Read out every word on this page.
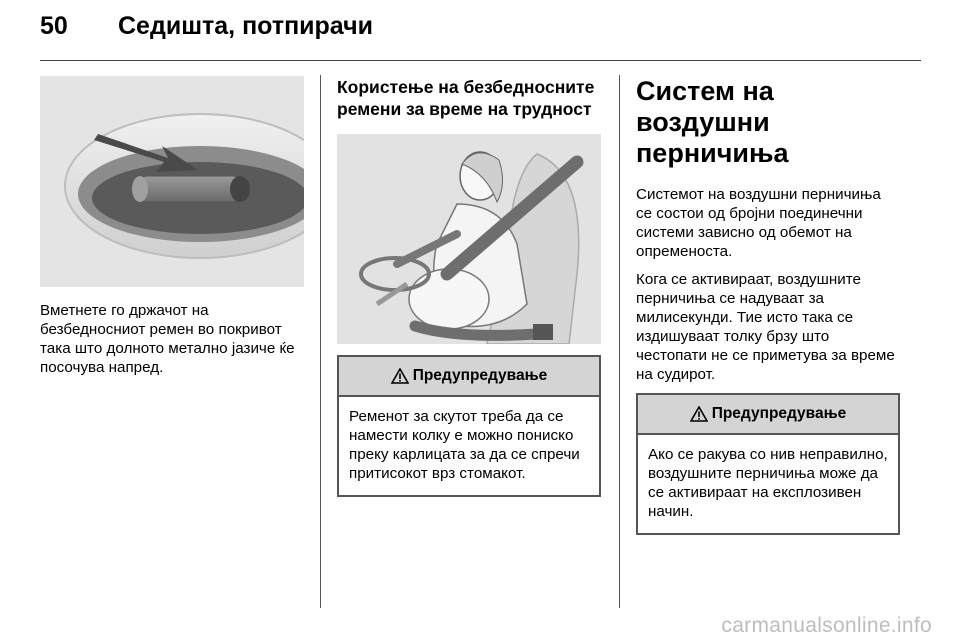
50 Седишта, потпирачи

Вметнете го држачот на безбедносниот ремен во покривот така што долното метално јазиче ќе посочува напред.

Користење на безбедносните ремени за време на трудност
Предупредување
Ременот за скутот треба да се намести колку е можно пониско преку карлицата за да се спречи притисокот врз стомакот.
Систем на воздушни перничиња

Системот на воздушни перничиња се состои од бројни поединечни системи зависно од обемот на опременоста.

Кога се активираат, воздушните перничиња се надуваат за милисекунди. Тие исто така се издишуваат толку брзу што честопати не се приметува за време на судирот.

Предупредување
Ако се ракува со нив неправилно, воздушните перничиња може да се активираат на експлозивен начин.
carmanualsonline.info
